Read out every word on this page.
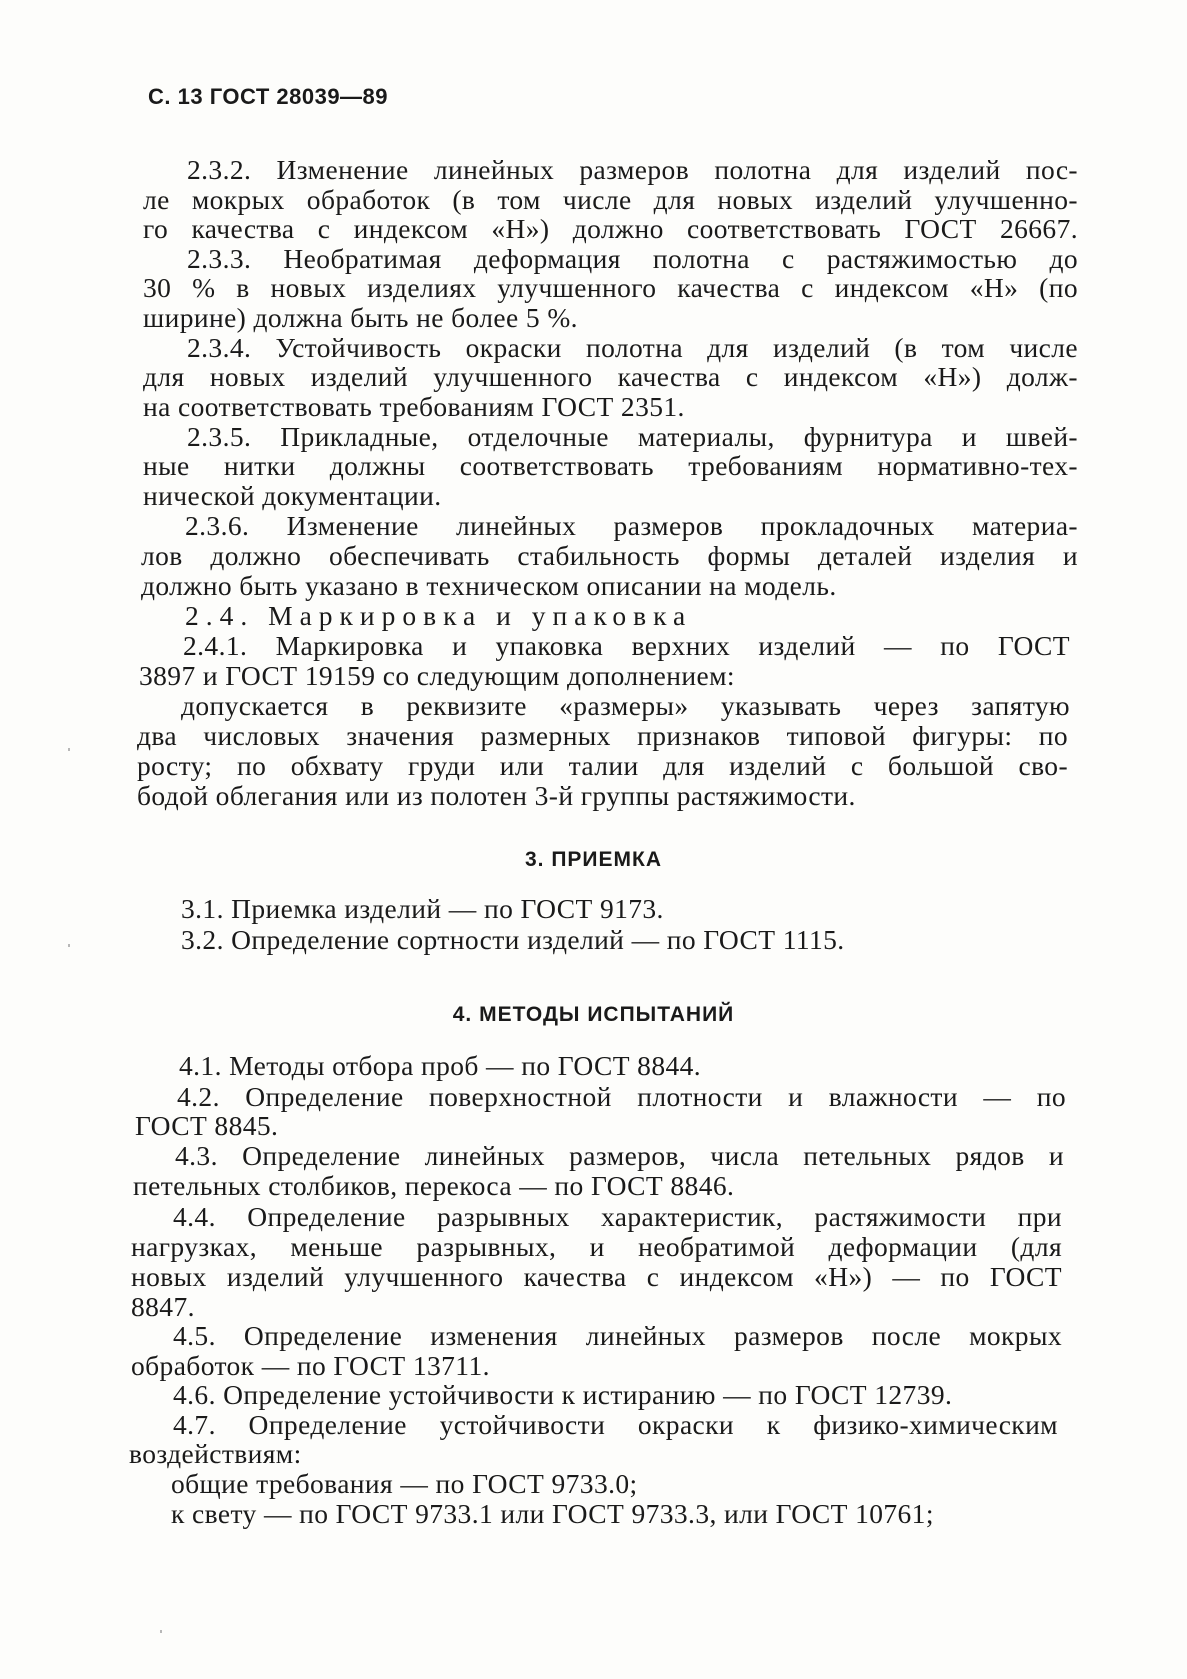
С. 13 ГОСТ 28039—89
2.3.2. Изменение линейных размеров полотна для изделий пос-
ле мокрых обработок (в том числе для новых изделий улучшенно-
го качества с индексом «Н») должно соответствовать ГОСТ 26667.
2.3.3. Необратимая деформация полотна с растяжимостью до
30 % в новых изделиях улучшенного качества с индексом «Н» (по
ширине) должна быть не более 5 %.
2.3.4. Устойчивость окраски полотна для изделий (в том числе
для новых изделий улучшенного качества с индексом «Н») долж-
на соответствовать требованиям ГОСТ 2351.
2.3.5. Прикладные, отделочные материалы, фурнитура и швей-
ные нитки должны соответствовать требованиям нормативно-тех-
нической документации.
2.3.6. Изменение линейных размеров прокладочных материа-
лов должно обеспечивать стабильность формы деталей изделия и
должно быть указано в техническом описании на модель.
2.4. Маркировка и упаковка
2.4.1. Маркировка и упаковка верхних изделий — по ГОСТ
3897 и ГОСТ 19159 со следующим дополнением:
допускается в реквизите «размеры» указывать через запятую
два числовых значения размерных признаков типовой фигуры: по
росту; по обхвату груди или талии для изделий с большой сво-
бодой облегания или из полотен 3-й группы растяжимости.
3. ПРИЕМКА
3.1. Приемка изделий — по ГОСТ 9173.
3.2. Определение сортности изделий — по ГОСТ 1115.
4. МЕТОДЫ ИСПЫТАНИЙ
4.1. Методы отбора проб — по ГОСТ 8844.
4.2. Определение поверхностной плотности и влажности — по
ГОСТ 8845.
4.3. Определение линейных размеров, числа петельных рядов и
петельных столбиков, перекоса — по ГОСТ 8846.
4.4. Определение разрывных характеристик, растяжимости при
нагрузках, меньше разрывных, и необратимой деформации (для
новых изделий улучшенного качества с индексом «Н») — по ГОСТ
8847.
4.5. Определение изменения линейных размеров после мокрых
обработок — по ГОСТ 13711.
4.6. Определение устойчивости к истиранию — по ГОСТ 12739.
4.7. Определение устойчивости окраски к физико-химическим
воздействиям:
общие требования — по ГОСТ 9733.0;
к свету — по ГОСТ 9733.1 или ГОСТ 9733.3, или ГОСТ 10761;
